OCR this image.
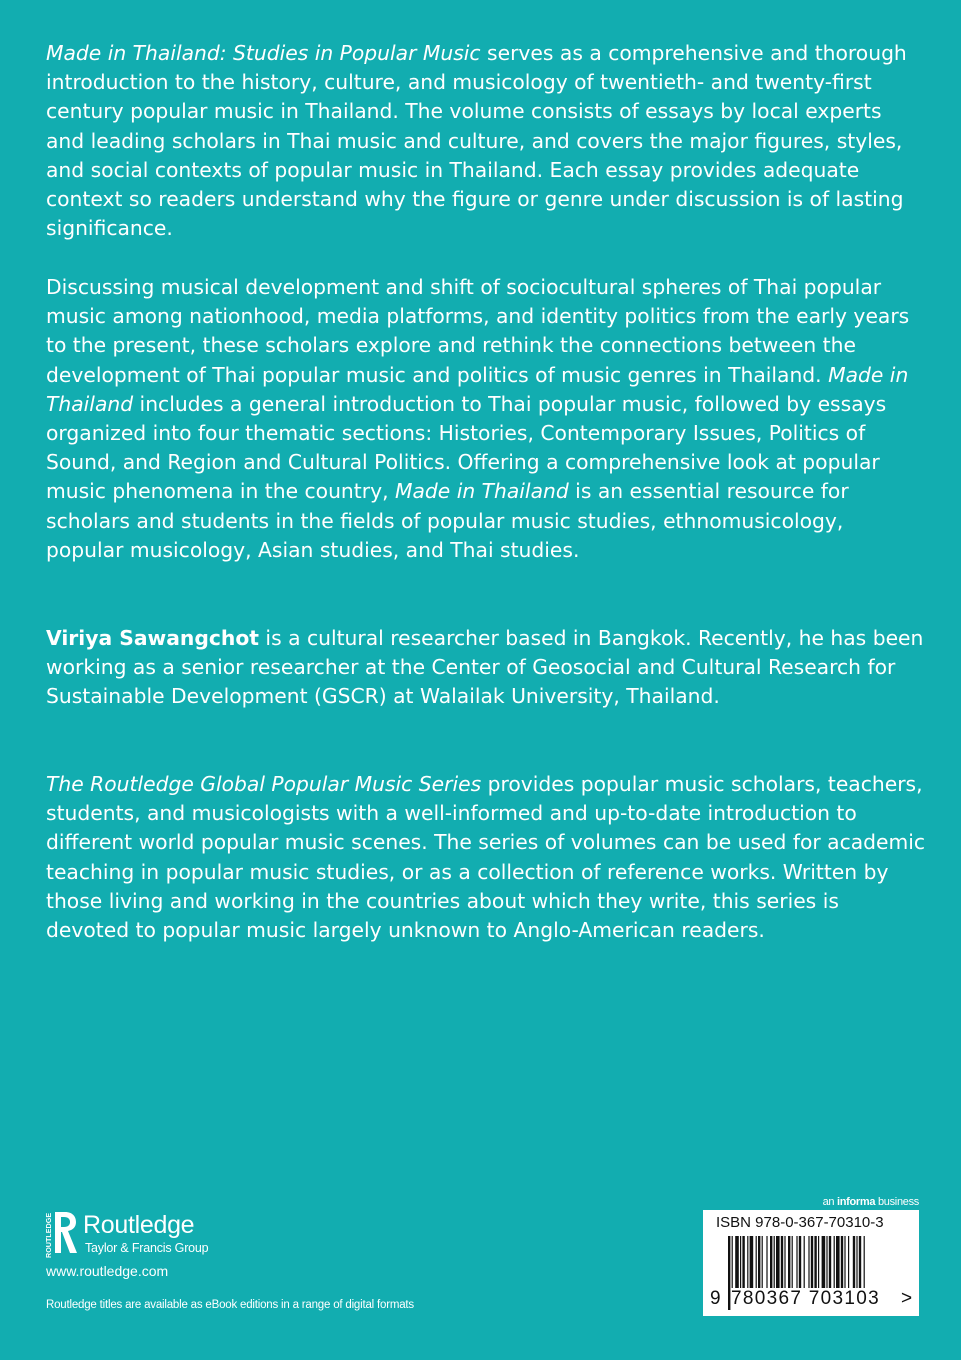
Made in Thailand: Studies in Popular Music serves as a comprehensive and thorough introduction to the history, culture, and musicology of twentieth- and twenty-first century popular music in Thailand. The volume consists of essays by local experts and leading scholars in Thai music and culture, and covers the major figures, styles, and social contexts of popular music in Thailand. Each essay provides adequate context so readers understand why the figure or genre under discussion is of lasting significance.

Discussing musical development and shift of sociocultural spheres of Thai popular music among nationhood, media platforms, and identity politics from the early years to the present, these scholars explore and rethink the connections between the development of Thai popular music and politics of music genres in Thailand. Made in Thailand includes a general introduction to Thai popular music, followed by essays organized into four thematic sections: Histories, Contemporary Issues, Politics of Sound, and Region and Cultural Politics. Offering a comprehensive look at popular music phenomena in the country, Made in Thailand is an essential resource for scholars and students in the fields of popular music studies, ethnomusicology, popular musicology, Asian studies, and Thai studies.

Viriya Sawangchot is a cultural researcher based in Bangkok. Recently, he has been working as a senior researcher at the Center of Geosocial and Cultural Research for Sustainable Development (GSCR) at Walailak University, Thailand.

The Routledge Global Popular Music Series provides popular music scholars, teachers, students, and musicologists with a well-informed and up-to-date introduction to different world popular music scenes. The series of volumes can be used for academic teaching in popular music studies, or as a collection of reference works. Written by those living and working in the countries about which they write, this series is devoted to popular music largely unknown to Anglo-American readers.

ROUTLEDGE Routledge
Taylor & Francis Group
www.routledge.com
Routledge titles are available as eBook editions in a range of digital formats
an informa business
ISBN 978-0-367-70310-3
9 780367 703103	>
